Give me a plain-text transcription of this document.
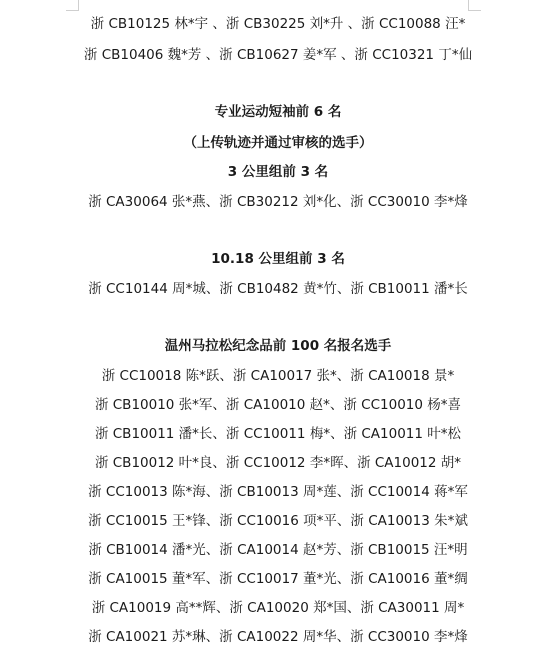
浙 CB10125 林*宇 、浙 CB30225 刘*升 、浙 CC10088 汪*
浙 CB10406 魏*芳 、浙 CB10627 姜*军 、浙 CC10321 丁*仙
专业运动短袖前 6 名
（上传轨迹并通过审核的选手）
3 公里组前 3 名
浙 CA30064 张*燕、浙 CB30212 刘*化、浙 CC30010 李*烽
10.18 公里组前 3 名
浙 CC10144 周*城、浙 CB10482 黄*竹、浙 CB10011 潘*长
温州马拉松纪念品前 100 名报名选手
浙 CC10018 陈*跃、浙 CA10017 张*、浙 CA10018 景*
浙 CB10010 张*军、浙 CA10010 赵*、浙 CC10010 杨*喜
浙 CB10011 潘*长、浙 CC10011 梅*、浙 CA10011 叶*松
浙 CB10012 叶*良、浙 CC10012 李*晖、浙 CA10012 胡*
浙 CC10013 陈*海、浙 CB10013 周*莲、浙 CC10014 蒋*军
浙 CC10015 王*锋、浙 CC10016 项*平、浙 CA10013 朱*斌
浙 CB10014 潘*光、浙 CA10014 赵*芳、浙 CB10015 汪*明
浙 CA10015 董*军、浙 CC10017 董*光、浙 CA10016 董*绸
浙 CA10019 高**辉、浙 CA10020 郑*国、浙 CA30011 周*
浙 CA10021 苏*琳、浙 CA10022 周*华、浙 CC30010 李*烽
